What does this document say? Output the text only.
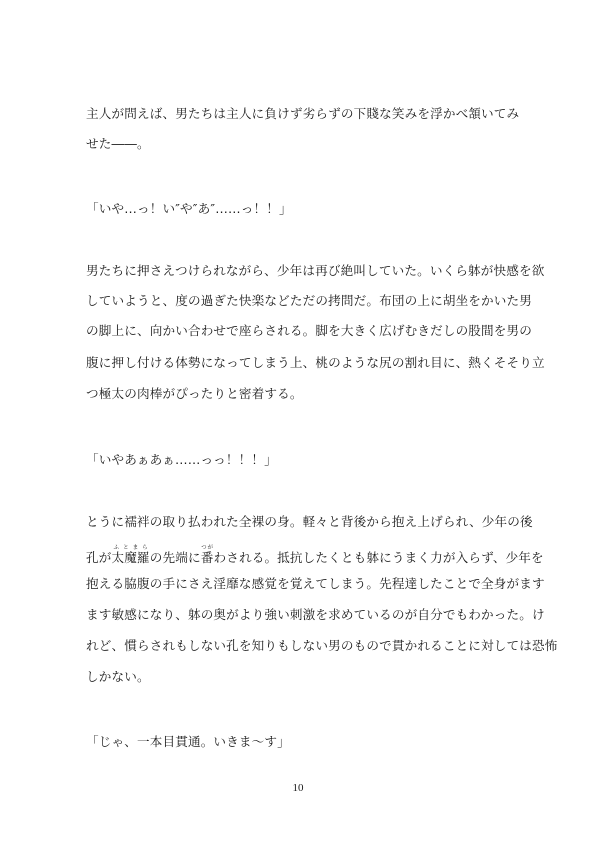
主人が問えば、男たちは主人に負けず劣らずの下賤な笑みを浮かべ頷いてみ
せた――。
「いや…っ！い″や″あ″……っ！！」
男たちに押さえつけられながら、少年は再び絶叫していた。いくら躰が快感を欲
していようと、度の過ぎた快楽などただの拷問だ。布団の上に胡坐をかいた男
の脚上に、向かい合わせで座らされる。脚を大きく広げむきだしの股間を男の
腹に押し付ける体勢になってしまう上、桃のような尻の割れ目に、熱くそそり立
つ極太の肉棒がぴったりと密着する。
「いやあぁあぁ……っっ！！！」
とうに襦袢の取り払われた全裸の身。軽々と背後から抱え上げられ、少年の後
孔が太魔羅ふとまらの先端に番つがわされる。抵抗したくとも躰にうまく力が入らず、少年を
抱える脇腹の手にさえ淫靡な感覚を覚えてしまう。先程達したことで全身がます
ます敏感になり、躰の奥がより強い刺激を求めているのが自分でもわかった。け
れど、慣らされもしない孔を知りもしない男のもので貫かれることに対しては恐怖
しかない。
「じゃ、一本目貫通。いきま～す」
10
